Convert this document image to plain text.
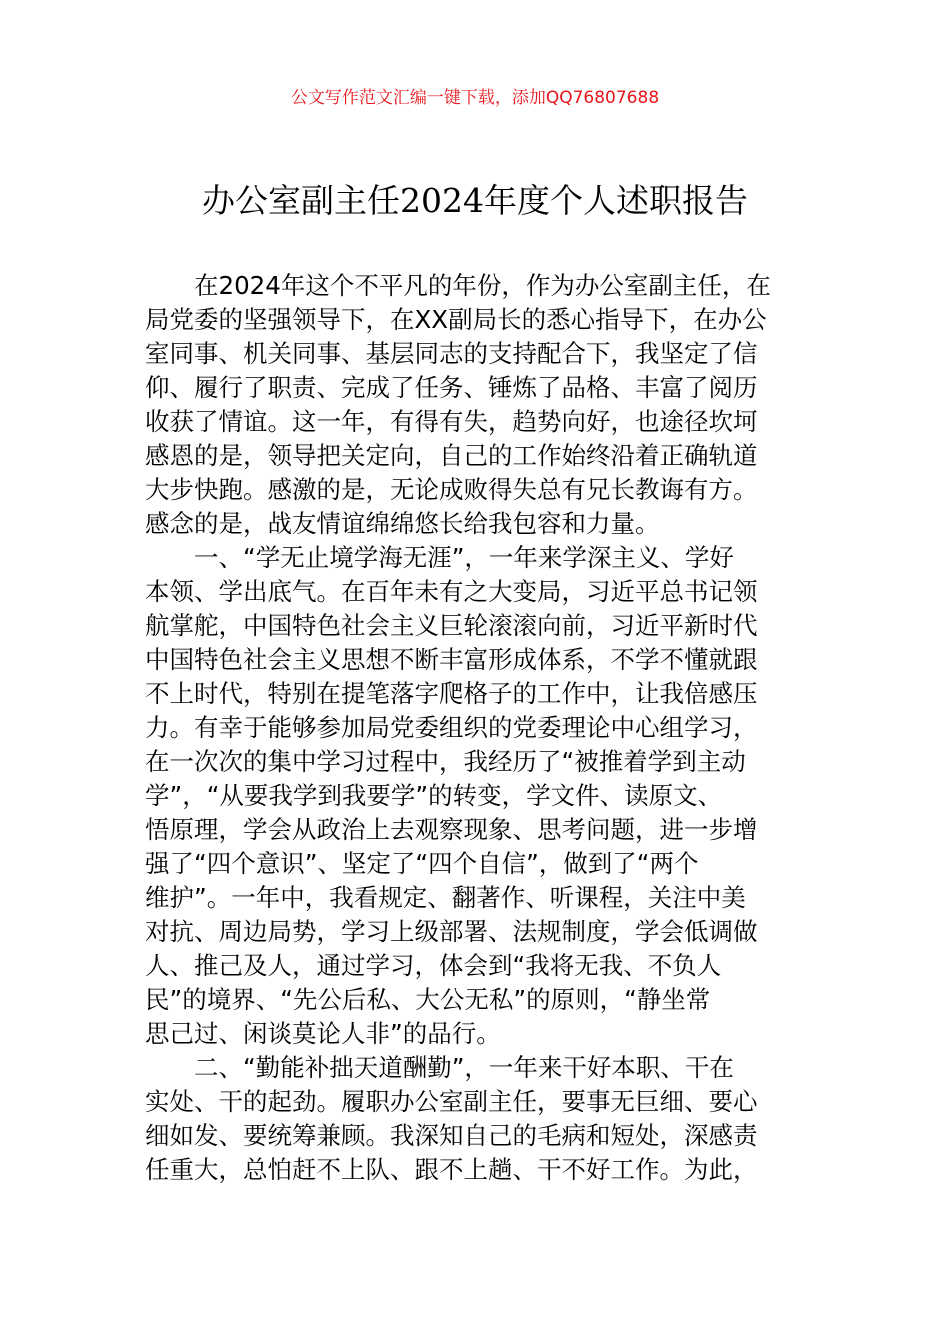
公文写作范文汇编一键下载，添加QQ76807688
办公室副主任2024年度个人述职报告

　　在2024年这个不平凡的年份，作为办公室副主任，在
局党委的坚强领导下，在XX副局长的悉心指导下，在办公
室同事、机关同事、基层同志的支持配合下，我坚定了信
仰、履行了职责、完成了任务、锤炼了品格、丰富了阅历
收获了情谊。这一年，有得有失，趋势向好，也途径坎坷
感恩的是，领导把关定向，自己的工作始终沿着正确轨道
大步快跑。感激的是，无论成败得失总有兄长教诲有方。
感念的是，战友情谊绵绵悠长给我包容和力量。

　　一、“学无止境学海无涯”，一年来学深主义、学好
本领、学出底气。在百年未有之大变局，习近平总书记领
航掌舵，中国特色社会主义巨轮滚滚向前，习近平新时代
中国特色社会主义思想不断丰富形成体系，不学不懂就跟
不上时代，特别在提笔落字爬格子的工作中，让我倍感压
力。有幸于能够参加局党委组织的党委理论中心组学习，
在一次次的集中学习过程中，我经历了“被推着学到主动
学”，“从要我学到我要学”的转变，学文件、读原文、
悟原理，学会从政治上去观察现象、思考问题，进一步增
强了“四个意识”、坚定了“四个自信”，做到了“两个
维护”。一年中，我看规定、翻著作、听课程，关注中美
对抗、周边局势，学习上级部署、法规制度，学会低调做
人、推己及人，通过学习，体会到“我将无我、不负人
民”的境界、“先公后私、大公无私”的原则，“静坐常
思己过、闲谈莫论人非”的品行。

　　二、“勤能补拙天道酬勤”，一年来干好本职、干在
实处、干的起劲。履职办公室副主任，要事无巨细、要心
细如发、要统筹兼顾。我深知自己的毛病和短处，深感责
任重大，总怕赶不上队、跟不上趟、干不好工作。为此，
